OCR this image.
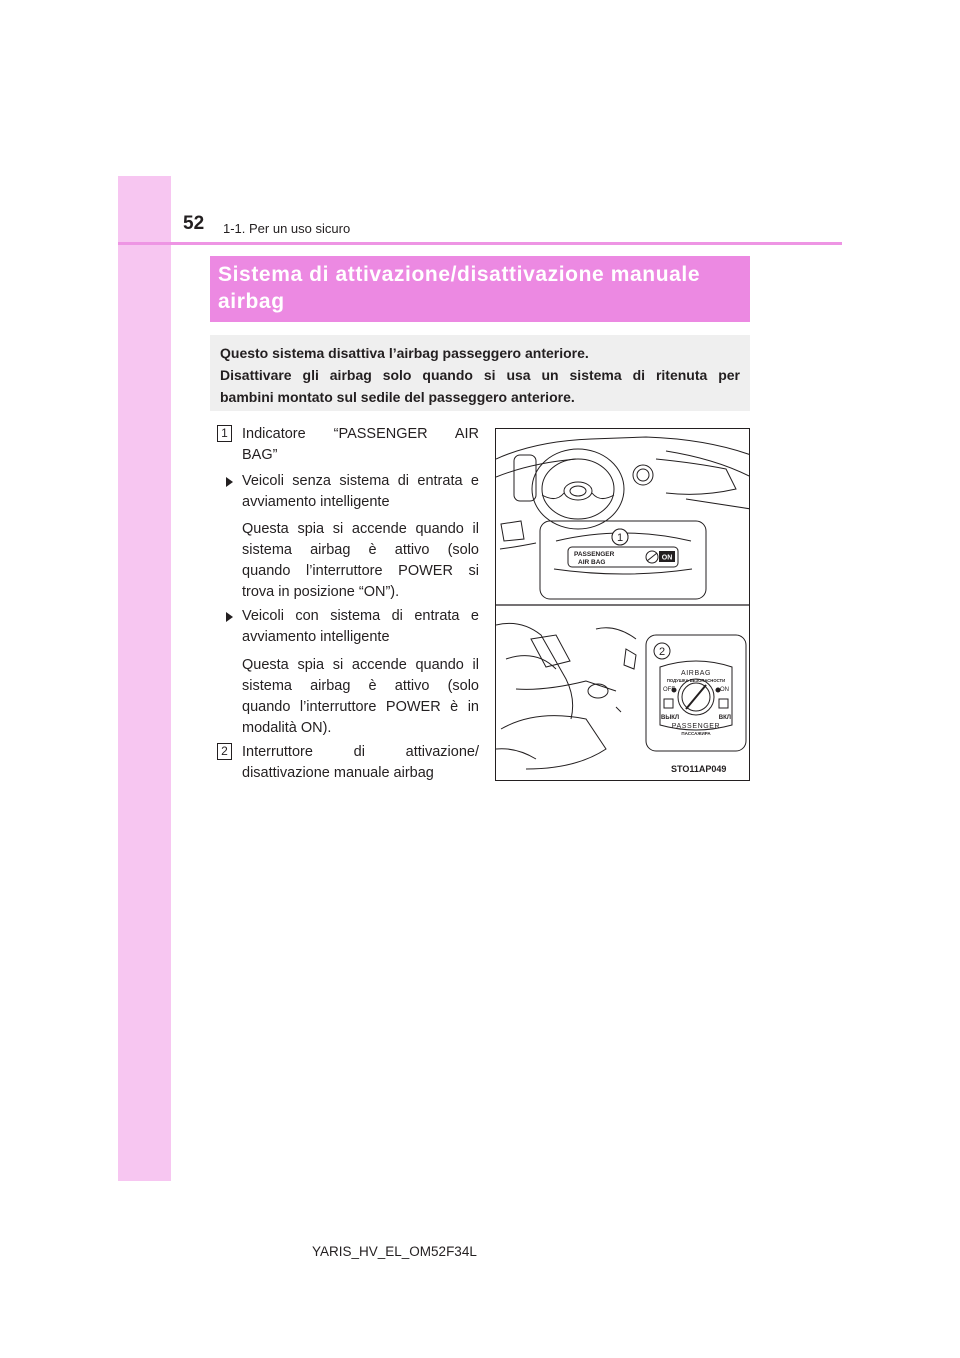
52 1-1. Per un uso sicuro
Sistema di attivazione/disattivazione manuale
airbag
Questo sistema disattiva l’airbag passeggero anteriore.
Disattivare gli airbag solo quando si usa un sistema di ritenuta per
bambini montato sul sedile del passeggero anteriore.
1 Indicatore “PASSENGER AIR
BAG”
Veicoli senza sistema di entrata e
avviamento intelligente
Questa spia si accende quando il
sistema airbag è attivo (solo
quando l’interruttore POWER si
trova in posizione “ON”).
Veicoli con sistema di entrata e
avviamento intelligente
Questa spia si accende quando il
sistema airbag è attivo (solo
quando l’interruttore POWER è in
modalità ON).
2 Interruttore di attivazione/
disattivazione manuale airbag
1
PASSENGER
AIR BAG
ON
2
AIRBAG
ПОДУШКА БЕЗОПАСНОСТИ
OFF	ON
ВЫКЛ	ВКЛ
PASSENGER
ПАССАЖИРА
STO11AP049
YARIS_HV_EL_OM52F34L
